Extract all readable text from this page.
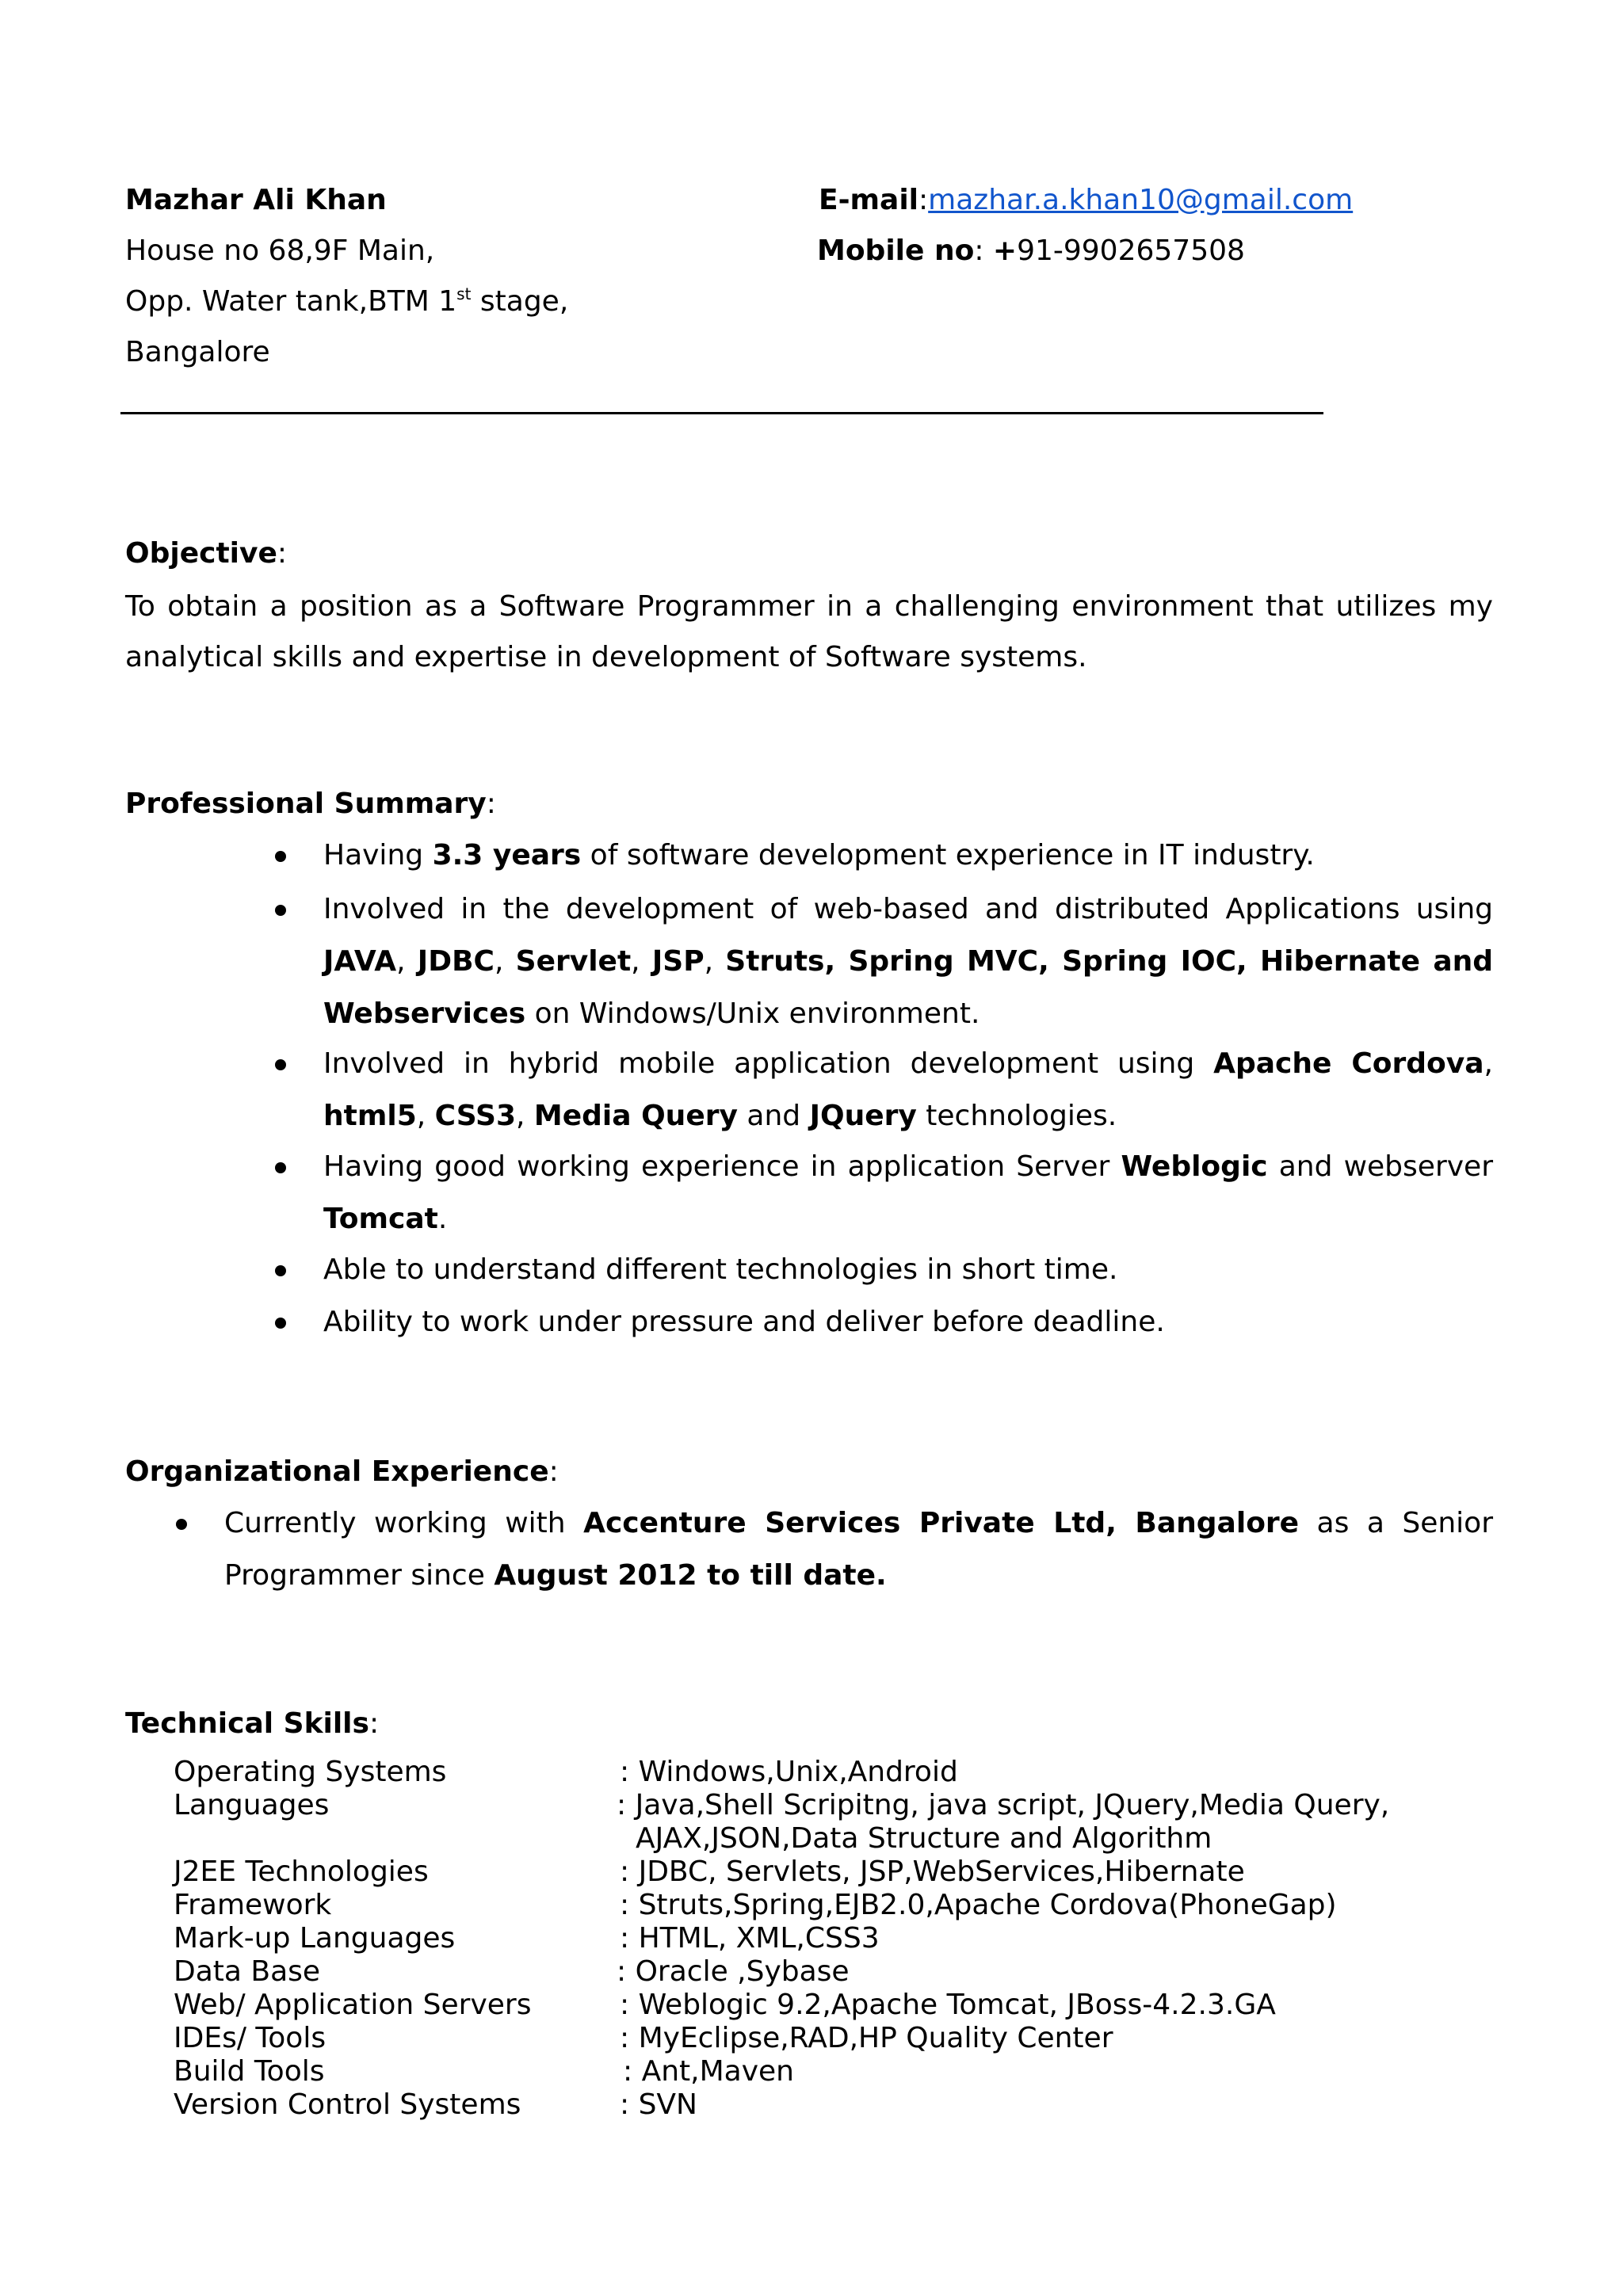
Mazhar Ali Khan
House no 68,9F Main,
Opp. Water tank,BTM 1st stage,
Bangalore
E-mail:mazhar.a.khan10@gmail.com
Mobile no: +91-9902657508
Objective:
To obtain a position as a Software Programmer in a challenging environment that utilizes my analytical skills and expertise in development of Software systems.
Professional Summary:
Having 3.3 years of software development experience in IT industry.
Involved in the development of web-based and distributed Applications using JAVA, JDBC, Servlet, JSP, Struts, Spring MVC, Spring IOC, Hibernate and Webservices on Windows/Unix environment.
Involved in hybrid mobile application development using Apache Cordova, html5, CSS3, Media Query and JQuery technologies.
Having good working experience in application Server Weblogic and webserver Tomcat.
Able to understand different technologies in short time.
Ability to work under pressure and deliver before deadline.
Organizational Experience:
Currently working with Accenture Services Private Ltd, Bangalore as a Senior Programmer since August 2012 to till date.
Technical Skills:
Operating Systems	: Windows,Unix,Android
Languages	: Java,Shell Scripitng, java script, JQuery,Media Query,
AJAX,JSON,Data Structure and Algorithm
J2EE Technologies	: JDBC, Servlets, JSP,WebServices,Hibernate
Framework	: Struts,Spring,EJB2.0,Apache Cordova(PhoneGap)
Mark-up Languages	: HTML, XML,CSS3
Data Base	: Oracle ,Sybase
Web/ Application Servers	: Weblogic 9.2,Apache Tomcat, JBoss-4.2.3.GA
IDEs/ Tools	: MyEclipse,RAD,HP Quality Center
Build Tools	: Ant,Maven
Version Control Systems	: SVN
